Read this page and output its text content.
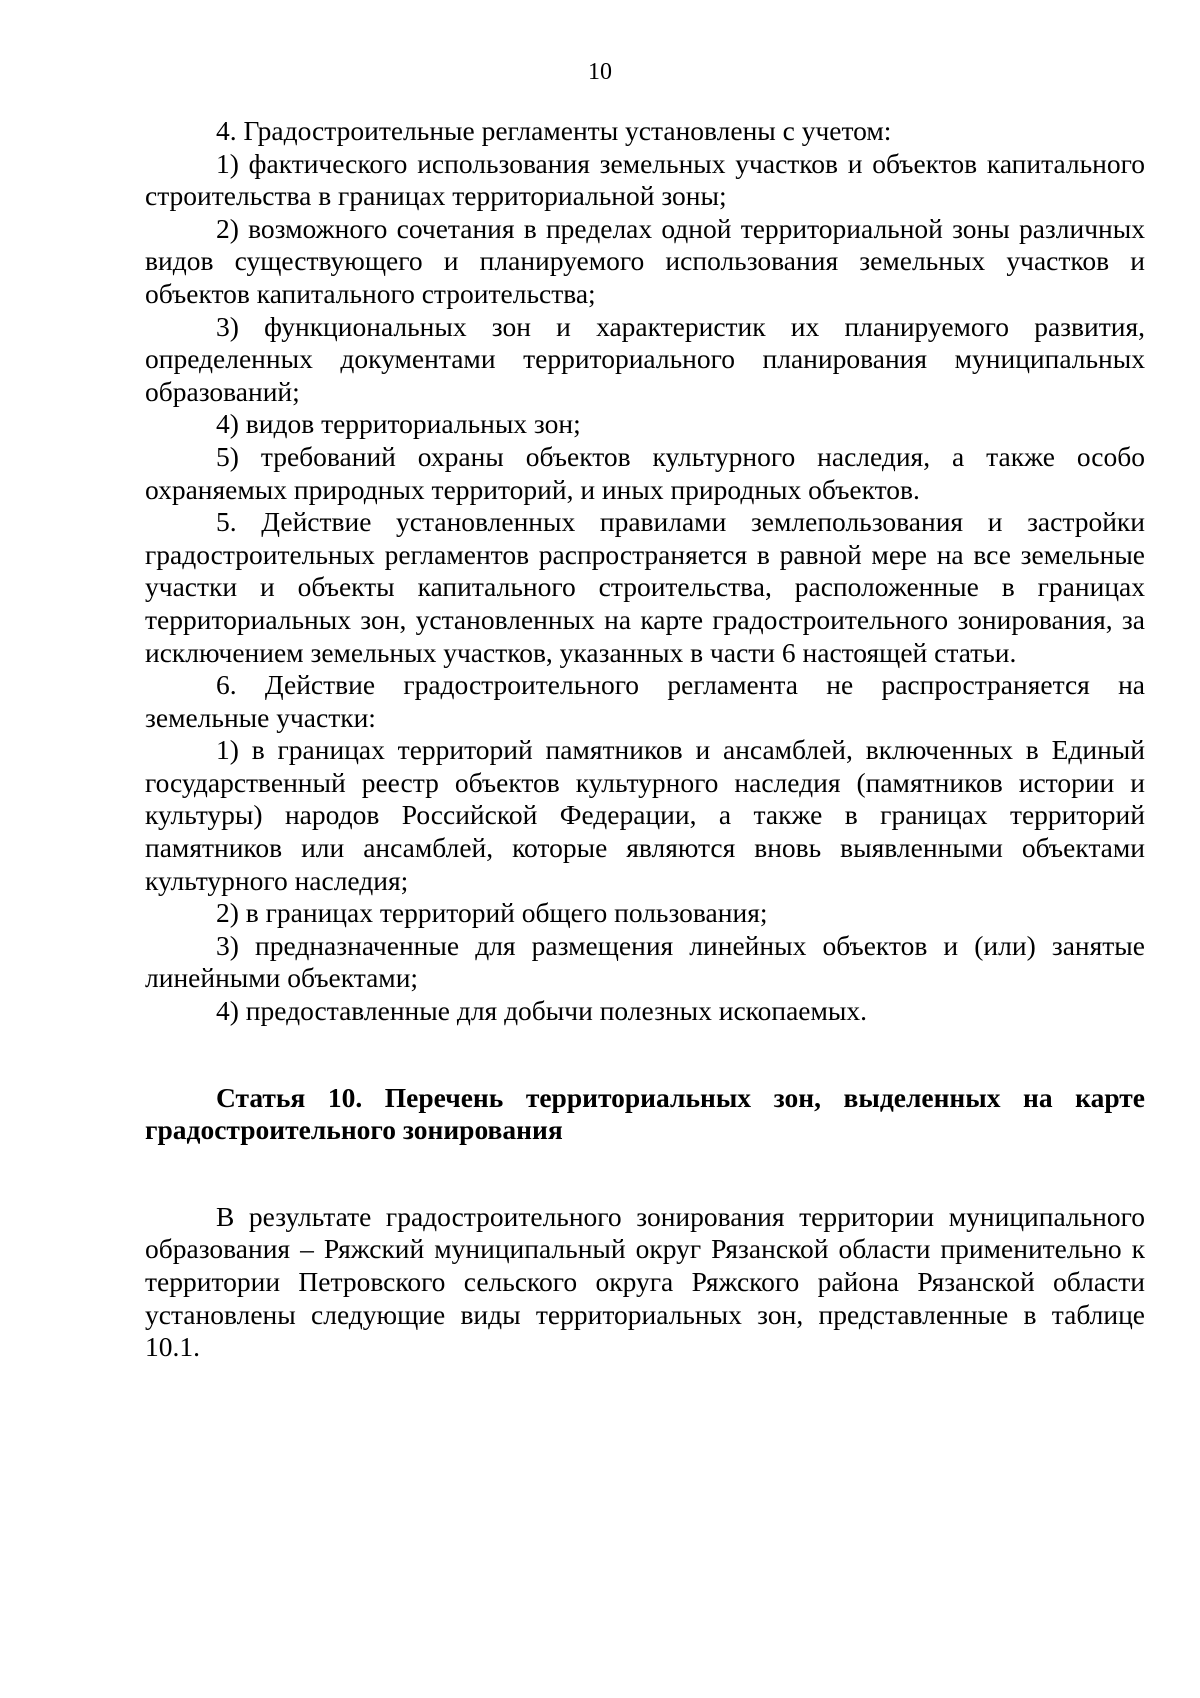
10

4. Градостроительные регламенты установлены с учетом:

1) фактического использования земельных участков и объектов капитального строительства в границах территориальной зоны;

2) возможного сочетания в пределах одной территориальной зоны различных видов существующего и планируемого использования земельных участков и объектов капитального строительства;

3) функциональных зон и характеристик их планируемого развития, определенных документами территориального планирования муниципальных образований;

4) видов территориальных зон;

5) требований охраны объектов культурного наследия, а также особо охраняемых природных территорий, и иных природных объектов.

5. Действие установленных правилами землепользования и застройки градостроительных регламентов распространяется в равной мере на все земельные участки и объекты капитального строительства, расположенные в границах территориальных зон, установленных на карте градостроительного зонирования, за исключением земельных участков, указанных в части 6 настоящей статьи.

6. Действие градостроительного регламента не распространяется на земельные участки:

1) в границах территорий памятников и ансамблей, включенных в Единый государственный реестр объектов культурного наследия (памятников истории и культуры) народов Российской Федерации, а также в границах территорий памятников или ансамблей, которые являются вновь выявленными объектами культурного наследия;

2) в границах территорий общего пользования;

3) предназначенные для размещения линейных объектов и (или) занятые линейными объектами;

4) предоставленные для добычи полезных ископаемых.

Статья 10. Перечень территориальных зон, выделенных на карте градостроительного зонирования

В результате градостроительного зонирования территории муниципального образования – Ряжский муниципальный округ Рязанской области применительно к территории Петровского сельского округа Ряжского района Рязанской области установлены следующие виды территориальных зон, представленные в таблице 10.1.
